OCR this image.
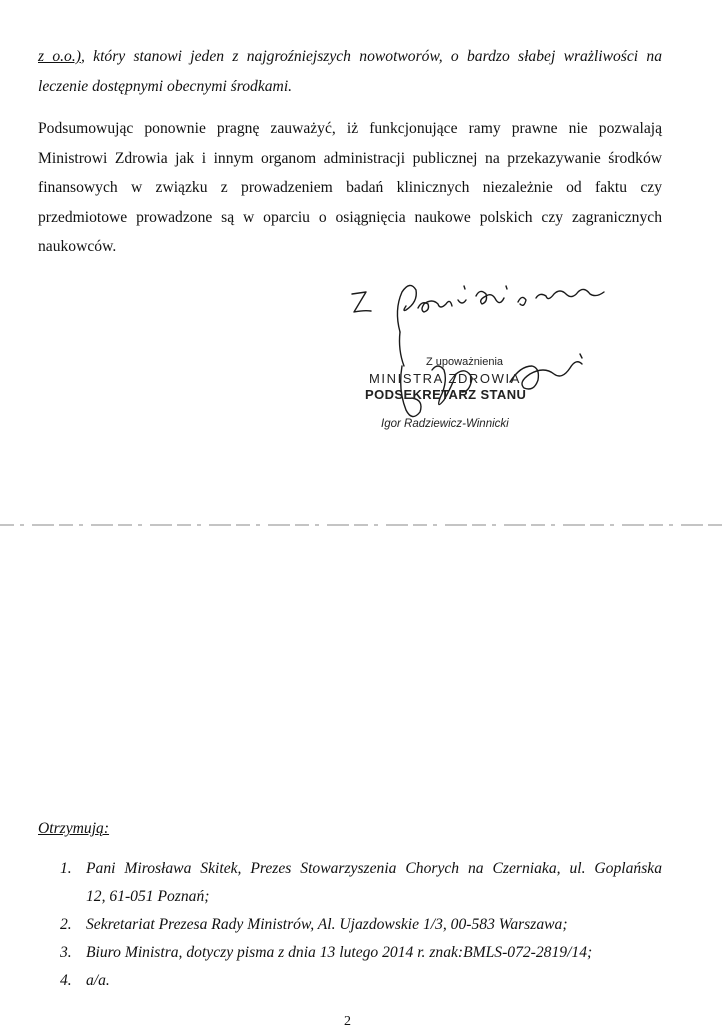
z o.o.), który stanowi jeden z najgroźniejszych nowotworów, o bardzo słabej wrażliwości na
leczenie dostępnymi obecnymi środkami.

Podsumowując ponownie pragnę zauważyć, iż funkcjonujące ramy prawne nie pozwalają
Ministrowi Zdrowia jak i innym organom administracji publicznej na przekazywanie środków
finansowych w związku z prowadzeniem badań klinicznych niezależnie od faktu czy
przedmiotowe prowadzone są w oparciu o osiągnięcia naukowe polskich czy zagranicznych
naukowców.

Z upoważnienia
MINISTRA ZDROWIA
PODSEKRETARZ STANU
Igor Radziewicz-Winnicki

Otrzymują:

1. Pani Mirosława Skitek, Prezes Stowarzyszenia Chorych na Czerniaka, ul. Goplańska
12, 61-051 Poznań;
2. Sekretariat Prezesa Rady Ministrów, Al. Ujazdowskie 1/3, 00-583 Warszawa;
3. Biuro Ministra, dotyczy pisma z dnia 13 lutego 2014 r. znak:BMLS-072-2819/14;
4. a/a.
2
